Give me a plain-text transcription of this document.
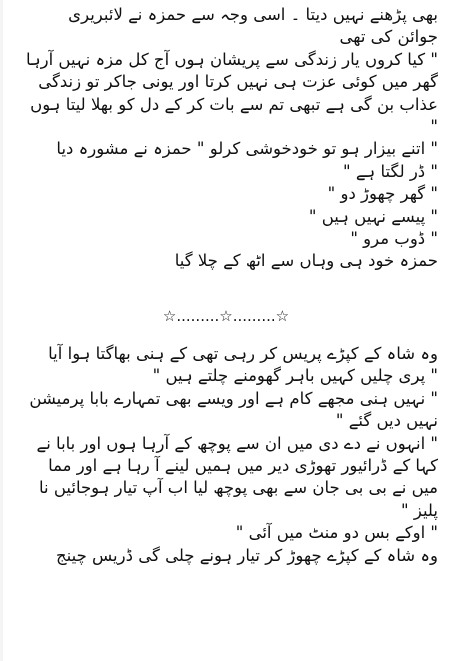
بھی پڑھنے نہیں دیتا ۔ اسی وجہ سے حمزہ نے لائبریری
جوائن کی تھی
" کیا کروں یار زندگی سے پریشان ہوں آج کل مزہ نہیں آرہا
گھر میں کوئی عزت ہی نہیں کرتا اور یونی جاکر تو زندگی
عذاب بن گی ہے تبھی تم سے بات کر کے دل کو بھلا لیتا ہوں
"
" اتنے بیزار ہو تو خودخوشی کرلو " حمزہ نے مشورہ دیا
" ڈر لگتا ہے "
" گھر چھوڑ دو "
" پیسے نہیں ہیں "
" ڈوب مرو "
حمزہ خود ہی وہاں سے اٹھ کے چلا گیا
☆.........☆.........☆
وہ شاہ کے کپڑے پریس کر رہی تھی کے ہنی بھاگتا ہوا آیا
" پری چلیں کہیں باہر گھومنے چلتے ہیں "
" نہیں ہنی مجھے کام ہے اور ویسے بھی تمہارے بابا پرمیشن
نہیں دیں گئے "
" انہوں نے دے دی میں ان سے پوچھ کے آرہا ہوں اور بابا نے
کہا کے ڈرائیور تھوڑی دیر میں ہمیں لینے آ رہا ہے اور مما
میں نے بی بی جان سے بھی پوچھ لیا اب آپ تیار ہوجائیں نا
پلیز "
" اوکے بس دو منٹ میں آئی "
وہ شاہ کے کپڑے چھوڑ کر تیار ہونے چلی گی ڈریس چینج
